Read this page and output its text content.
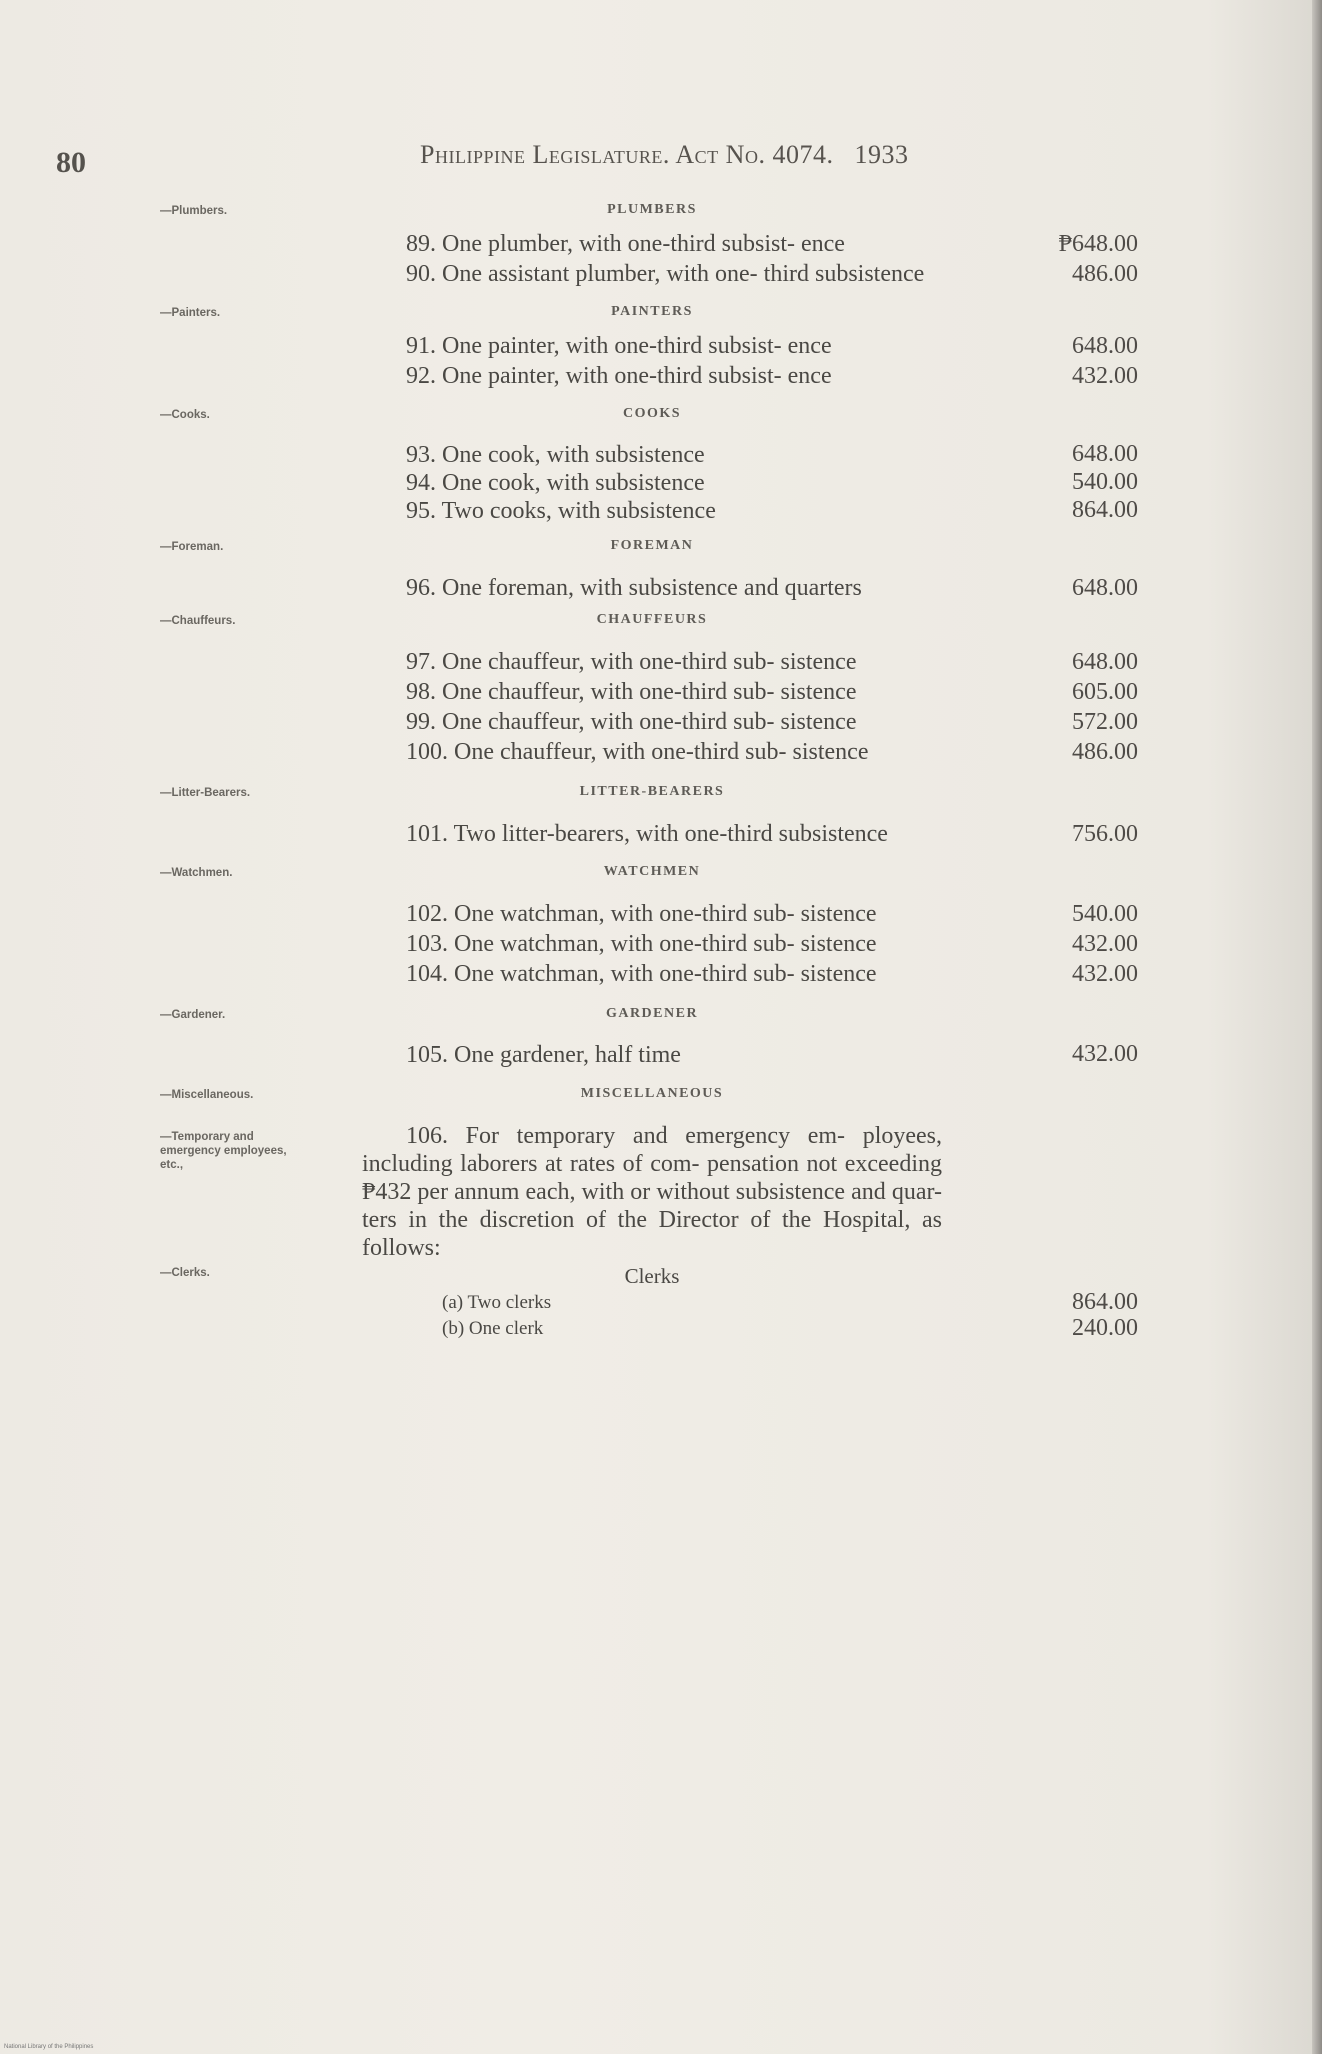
80	Philippine Legislature. Act No. 4074. 1933
—Plumbers.	PLUMBERS
89. One plumber, with one-third subsist- ence	₱648.00
90. One assistant plumber, with one- third subsistence	486.00
—Painters.	PAINTERS
91. One painter, with one-third subsist- ence	648.00
92. One painter, with one-third subsist- ence	432.00
—Cooks.	COOKS
93. One cook, with subsistence	648.00
94. One cook, with subsistence	540.00
95. Two cooks, with subsistence	864.00
—Foreman.	FOREMAN
96. One foreman, with subsistence and quarters	648.00
—Chauffeurs.	CHAUFFEURS
97. One chauffeur, with one-third sub- sistence	648.00
98. One chauffeur, with one-third sub- sistence	605.00
99. One chauffeur, with one-third sub- sistence	572.00
100. One chauffeur, with one-third sub- sistence	486.00
—Litter-Bearers.	LITTER-BEARERS
101. Two litter-bearers, with one-third subsistence	756.00
—Watchmen.	WATCHMEN
102. One watchman, with one-third sub- sistence	540.00
103. One watchman, with one-third sub- sistence	432.00
104. One watchman, with one-third sub- sistence	432.00
—Gardener.	GARDENER
105. One gardener, half time	432.00
—Miscellaneous.	MISCELLANEOUS
—Temporary and emergency employees, etc.,
106. For temporary and emergency em- ployees, including laborers at rates of com- pensation not exceeding ₱432 per annum each, with or without subsistence and quar- ters in the discretion of the Director of the Hospital, as follows:
—Clerks.	Clerks
(a) Two clerks	864.00
(b) One clerk	240.00
National Library of the Philippines
